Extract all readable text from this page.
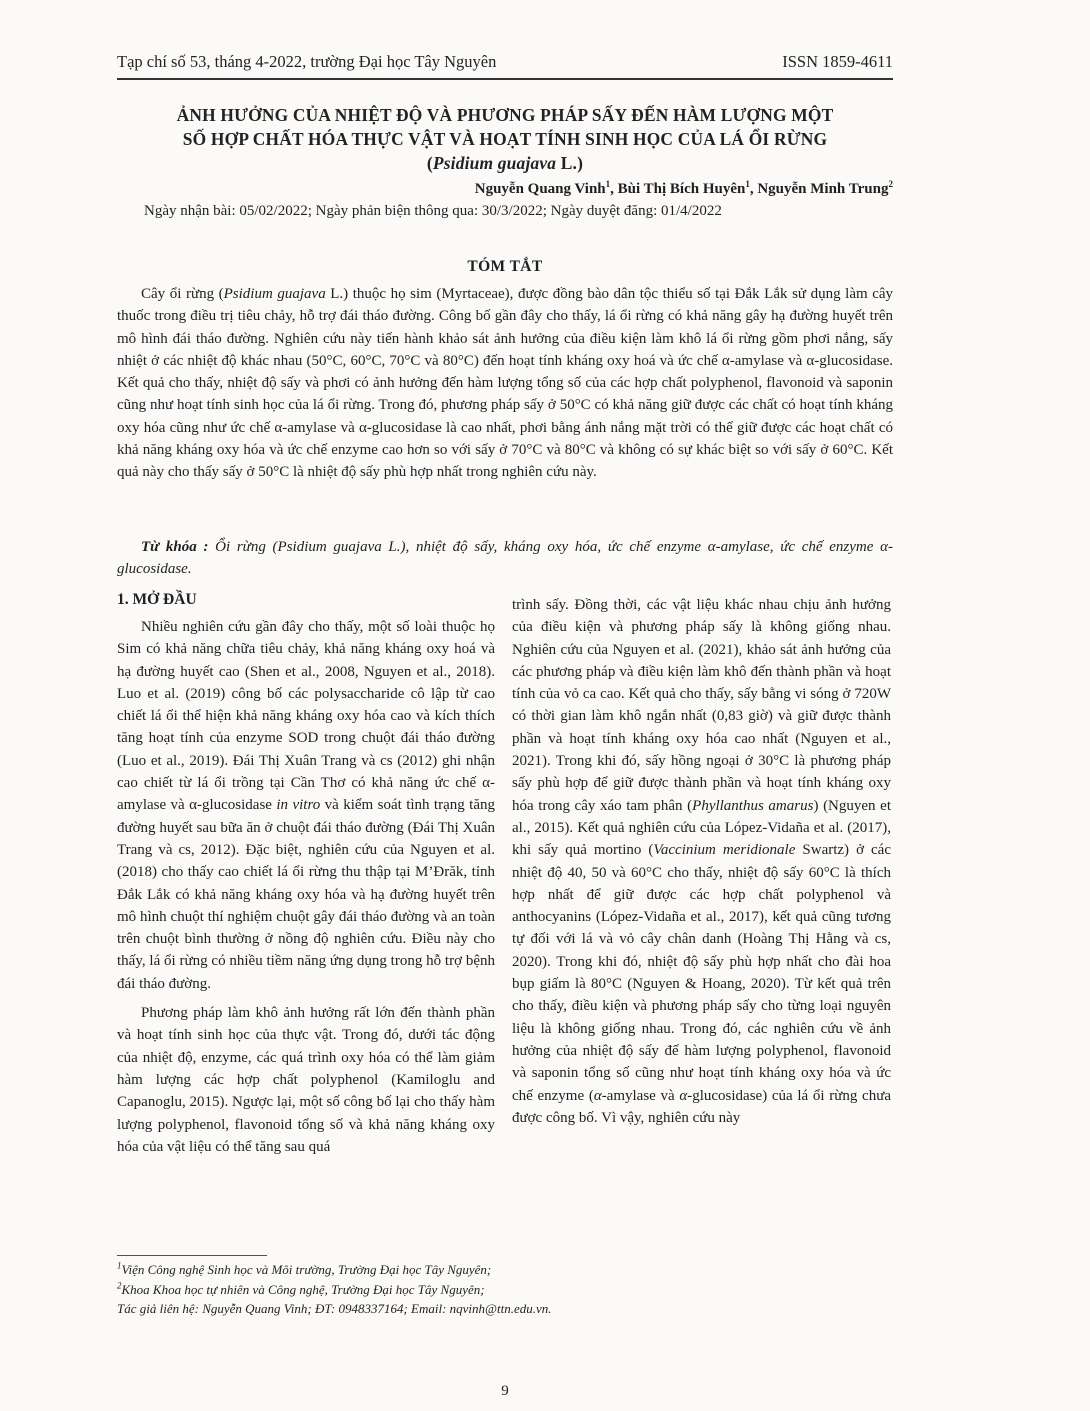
Tạp chí số 53, tháng 4-2022, trường Đại học Tây Nguyên	ISSN 1859-4611
ẢNH HƯỞNG CỦA NHIỆT ĐỘ VÀ PHƯƠNG PHÁP SẤY ĐẾN HÀM LƯỢNG MỘT
SỐ HỢP CHẤT HÓA THỰC VẬT VÀ HOẠT TÍNH SINH HỌC CỦA LÁ ỔI RỪNG
(Psidium guajava L.)
Nguyễn Quang Vinh$^1$, Bùi Thị Bích Huyên$^1$, Nguyễn Minh Trung$^2$
Ngày nhận bài: 05/02/2022; Ngày phản biện thông qua: 30/3/2022; Ngày duyệt đăng: 01/4/2022
TÓM TẮT

Cây ổi rừng (Psidium guajava L.) thuộc họ sim (Myrtaceae), được đồng bào dân tộc thiểu số tại Đắk Lắk sử dụng làm cây thuốc trong điều trị tiêu chảy, hỗ trợ đái tháo đường. Công bố gần đây cho thấy, lá ổi rừng có khả năng gây hạ đường huyết trên mô hình đái tháo đường. Nghiên cứu này tiến hành khảo sát ảnh hưởng của điều kiện làm khô lá ổi rừng gồm phơi nắng, sấy nhiệt ở các nhiệt độ khác nhau (50°C, 60°C, 70°C và 80°C) đến hoạt tính kháng oxy hoá và ức chế α-amylase và α-glucosidase. Kết quả cho thấy, nhiệt độ sấy và phơi có ảnh hưởng đến hàm lượng tổng số của các hợp chất polyphenol, flavonoid và saponin cũng như hoạt tính sinh học của lá ổi rừng. Trong đó, phương pháp sấy ở 50°C có khả năng giữ được các chất có hoạt tính kháng oxy hóa cũng như ức chế α-amylase và α-glucosidase là cao nhất, phơi bằng ánh nắng mặt trời có thể giữ được các hoạt chất có khả năng kháng oxy hóa và ức chế enzyme cao hơn so với sấy ở 70°C và 80°C và không có sự khác biệt so với sấy ở 60°C. Kết quả này cho thấy sấy ở 50°C là nhiệt độ sấy phù hợp nhất trong nghiên cứu này.

Từ khóa : Ổi rừng (Psidium guajava L.), nhiệt độ sấy, kháng oxy hóa, ức chế enzyme α-amylase, ức chế enzyme α-glucosidase.

1. MỞ ĐẦU

Nhiều nghiên cứu gần đây cho thấy, một số loài thuộc họ Sim có khả năng chữa tiêu chảy, khả năng kháng oxy hoá và hạ đường huyết cao (Shen et al., 2008, Nguyen et al., 2018). Luo et al. (2019) công bố các polysaccharide cô lập từ cao chiết lá ổi thể hiện khả năng kháng oxy hóa cao và kích thích tăng hoạt tính của enzyme SOD trong chuột đái tháo đường (Luo et al., 2019). Đái Thị Xuân Trang và cs (2012) ghi nhận cao chiết từ lá ổi trồng tại Cần Thơ có khả năng ức chế α-amylase và α-glucosidase in vitro và kiểm soát tình trạng tăng đường huyết sau bữa ăn ở chuột đái tháo đường (Đái Thị Xuân Trang và cs, 2012). Đặc biệt, nghiên cứu của Nguyen et al. (2018) cho thấy cao chiết lá ổi rừng thu thập tại M’Đrăk, tỉnh Đắk Lắk có khả năng kháng oxy hóa và hạ đường huyết trên mô hình chuột thí nghiệm chuột gây đái tháo đường và an toàn trên chuột bình thường ở nồng độ nghiên cứu. Điều này cho thấy, lá ổi rừng có nhiều tiềm năng ứng dụng trong hỗ trợ bệnh đái tháo đường.

Phương pháp làm khô ảnh hưởng rất lớn đến thành phần và hoạt tính sinh học của thực vật. Trong đó, dưới tác động của nhiệt độ, enzyme, các quá trình oxy hóa có thể làm giảm hàm lượng các hợp chất polyphenol (Kamiloglu and Capanoglu, 2015). Ngược lại, một số công bố lại cho thấy hàm lượng polyphenol, flavonoid tổng số và khả năng kháng oxy hóa của vật liệu có thể tăng sau quá

trình sấy. Đồng thời, các vật liệu khác nhau chịu ảnh hưởng của điều kiện và phương pháp sấy là không giống nhau. Nghiên cứu của Nguyen et al. (2021), khảo sát ảnh hưởng của các phương pháp và điều kiện làm khô đến thành phần và hoạt tính của vỏ ca cao. Kết quả cho thấy, sấy bằng vi sóng ở 720W có thời gian làm khô ngắn nhất (0,83 giờ) và giữ được thành phần và hoạt tính kháng oxy hóa cao nhất (Nguyen et al., 2021). Trong khi đó, sấy hồng ngoại ở 30°C là phương pháp sấy phù hợp để giữ được thành phần và hoạt tính kháng oxy hóa trong cây xáo tam phân (Phyllanthus amarus) (Nguyen et al., 2015). Kết quả nghiên cứu của López-Vidaña et al. (2017), khi sấy quả mortino (Vaccinium meridionale Swartz) ở các nhiệt độ 40, 50 và 60°C cho thấy, nhiệt độ sấy 60°C là thích hợp nhất để giữ được các hợp chất polyphenol và anthocyanins (López-Vidaña et al., 2017), kết quả cũng tương tự đối với lá và vỏ cây chân danh (Hoàng Thị Hằng và cs, 2020). Trong khi đó, nhiệt độ sấy phù hợp nhất cho đài hoa bụp giấm là 80°C (Nguyen & Hoang, 2020). Từ kết quả trên cho thấy, điều kiện và phương pháp sấy cho từng loại nguyên liệu là không giống nhau. Trong đó, các nghiên cứu về ảnh hưởng của nhiệt độ sấy đế hàm lượng polyphenol, flavonoid và saponin tổng số cũng như hoạt tính kháng oxy hóa và ức chế enzyme (α-amylase và α-glucosidase) của lá ổi rừng chưa được công bố. Vì vậy, nghiên cứu này

$^1$Viện Công nghệ Sinh học và Môi trường, Trường Đại học Tây Nguyên;
$^2$Khoa Khoa học tự nhiên và Công nghệ, Trường Đại học Tây Nguyên;
Tác giả liên hệ: Nguyễn Quang Vinh; ĐT: 0948337164; Email: nqvinh@ttn.edu.vn.
9
